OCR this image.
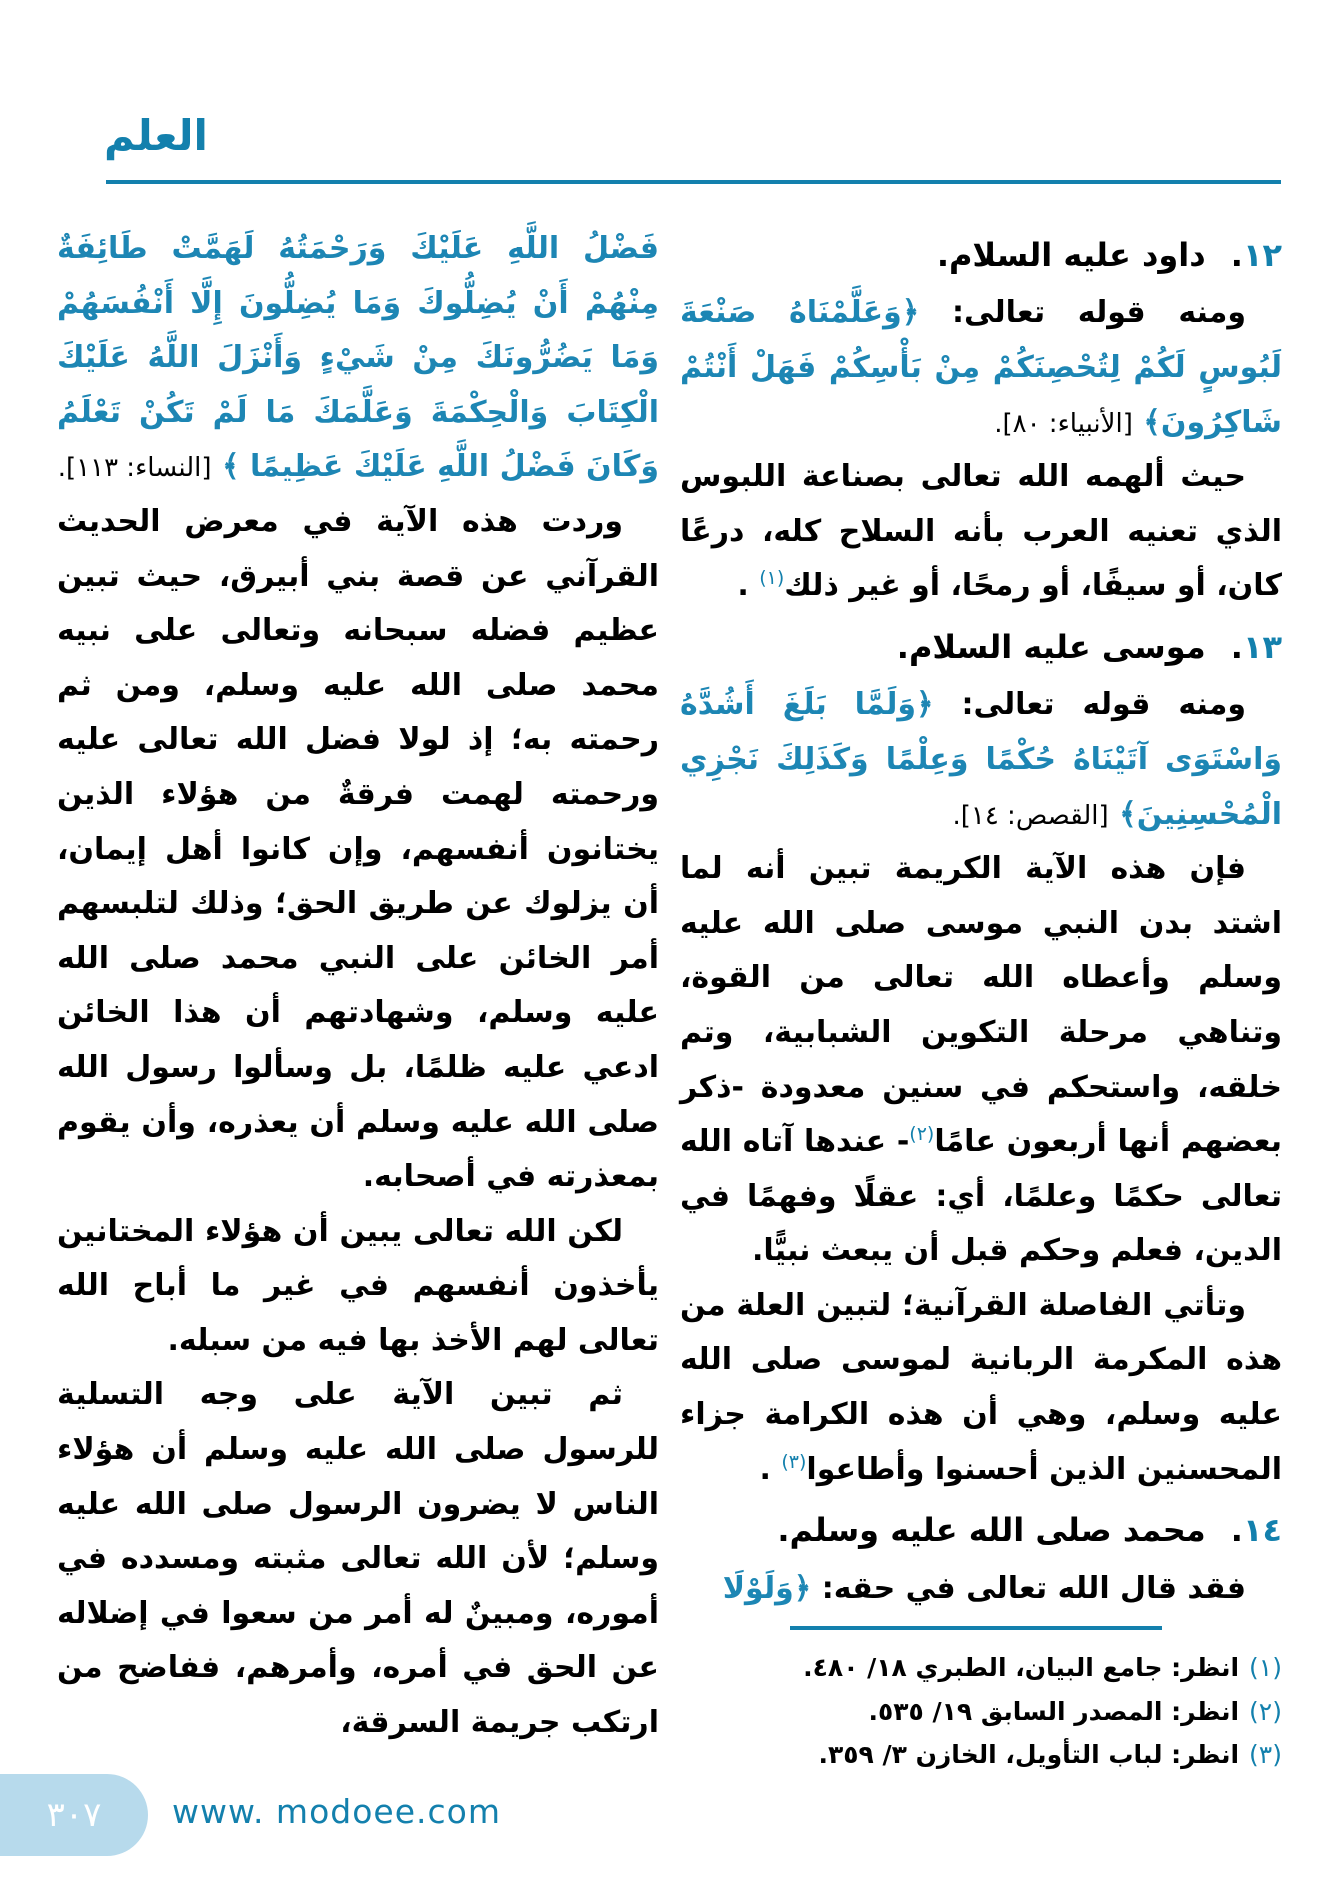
العلم
١٢. داود عليه السلام.

ومنه قوله تعالى: ﴿وَعَلَّمْنَاهُ صَنْعَةَ لَبُوسٍ لَكُمْ لِتُحْصِنَكُمْ مِنْ بَأْسِكُمْ فَهَلْ أَنْتُمْ شَاكِرُونَ﴾ [الأنبياء: ٨٠].

حيث ألهمه الله تعالى بصناعة اللبوس الذي تعنيه العرب بأنه السلاح كله، درعًا كان، أو سيفًا، أو رمحًا، أو غير ذلك$^{(١)}$ .

١٣. موسى عليه السلام.

ومنه قوله تعالى: ﴿وَلَمَّا بَلَغَ أَشُدَّهُ وَاسْتَوَى آتَيْنَاهُ حُكْمًا وَعِلْمًا وَكَذَلِكَ نَجْزِي الْمُحْسِنِينَ﴾ [القصص: ١٤].

فإن هذه الآية الكريمة تبين أنه لما اشتد بدن النبي موسى صلى الله عليه وسلم وأعطاه الله تعالى من القوة، وتناهي مرحلة التكوين الشبابية، وتم خلقه، واستحكم في سنين معدودة -ذكر بعضهم أنها أربعون عامًا$^{(٢)}$- عندها آتاه الله تعالى حكمًا وعلمًا، أي: عقلًا وفهمًا في الدين، فعلم وحكم قبل أن يبعث نبيًّا.

وتأتي الفاصلة القرآنية؛ لتبين العلة من هذه المكرمة الربانية لموسى صلى الله عليه وسلم، وهي أن هذه الكرامة جزاء المحسنين الذين أحسنوا وأطاعوا$^{(٣)}$ .

١٤. محمد صلى الله عليه وسلم.

فقد قال الله تعالى في حقه: ﴿وَلَوْلَا

(١)انظر: جامع البيان، الطبري ١٨/ ٤٨٠.

(٢)انظر: المصدر السابق ١٩/ ٥٣٥.

(٣)انظر: لباب التأويل، الخازن ٣/ ٣٥٩.

فَضْلُ اللَّهِ عَلَيْكَ وَرَحْمَتُهُ لَهَمَّتْ طَائِفَةٌ مِنْهُمْ أَنْ يُضِلُّوكَ وَمَا يُضِلُّونَ إِلَّا أَنْفُسَهُمْ وَمَا يَضُرُّونَكَ مِنْ شَيْءٍ وَأَنْزَلَ اللَّهُ عَلَيْكَ الْكِتَابَ وَالْحِكْمَةَ وَعَلَّمَكَ مَا لَمْ تَكُنْ تَعْلَمُ وَكَانَ فَضْلُ اللَّهِ عَلَيْكَ عَظِيمًا ﴾ [النساء: ١١٣].

وردت هذه الآية في معرض الحديث القرآني عن قصة بني أبيرق، حيث تبين عظيم فضله سبحانه وتعالى على نبيه محمد صلى الله عليه وسلم، ومن ثم رحمته به؛ إذ لولا فضل الله تعالى عليه ورحمته لهمت فرقةٌ من هؤلاء الذين يختانون أنفسهم، وإن كانوا أهل إيمان، أن يزلوك عن طريق الحق؛ وذلك لتلبسهم أمر الخائن على النبي محمد صلى الله عليه وسلم، وشهادتهم أن هذا الخائن ادعي عليه ظلمًا، بل وسألوا رسول الله صلى الله عليه وسلم أن يعذره، وأن يقوم بمعذرته في أصحابه.

لكن الله تعالى يبين أن هؤلاء المختانين يأخذون أنفسهم في غير ما أباح الله تعالى لهم الأخذ بها فيه من سبله.

ثم تبين الآية على وجه التسلية للرسول صلى الله عليه وسلم أن هؤلاء الناس لا يضرون الرسول صلى الله عليه وسلم؛ لأن الله تعالى مثبته ومسدده في أموره، ومبينٌ له أمر من سعوا في إضلاله عن الحق في أمره، وأمرهم، ففاضح من ارتكب جريمة السرقة،

٣٠٧ www. modoee.com
